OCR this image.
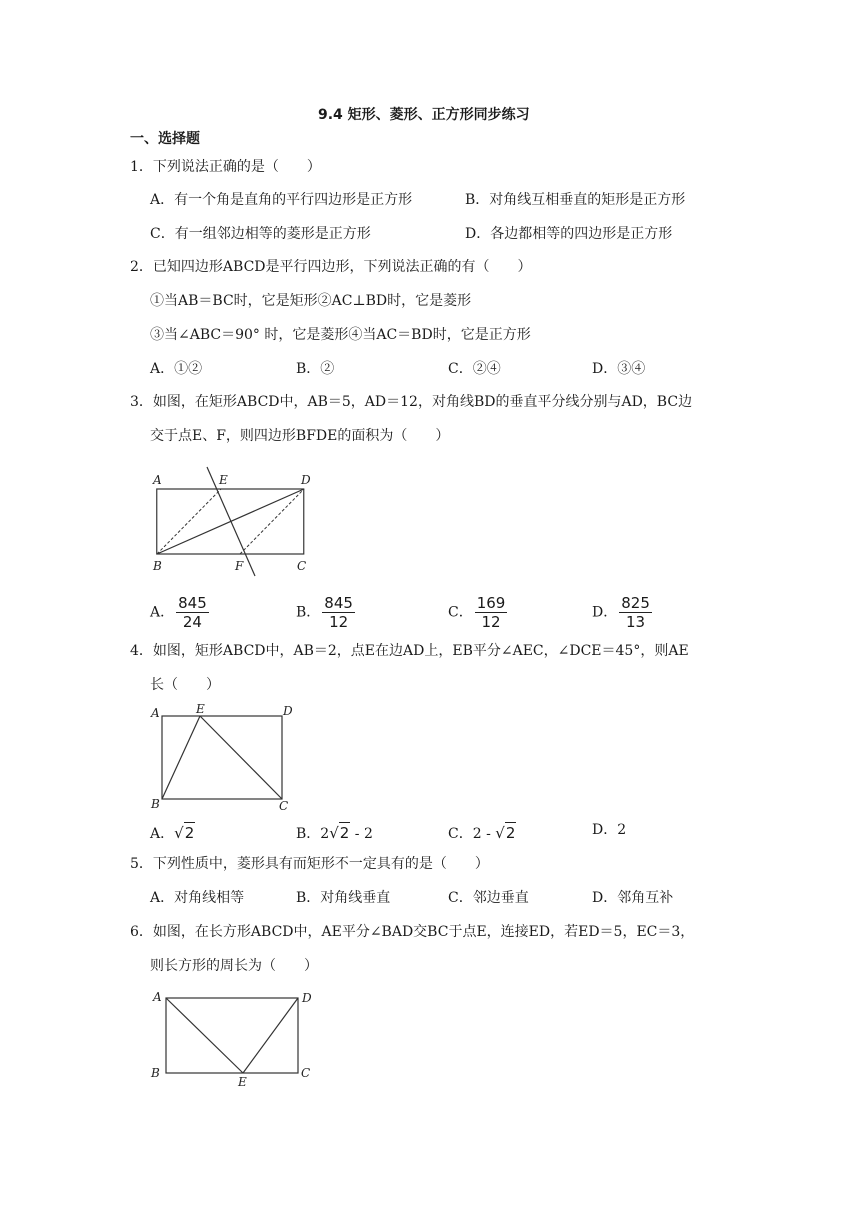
9.4 矩形、菱形、正方形同步练习
一、选择题
1．下列说法正确的是（　　）
A．有一个角是直角的平行四边形是正方形	B．对角线互相垂直的矩形是正方形
C．有一组邻边相等的菱形是正方形	D．各边都相等的四边形是正方形
2．已知四边形ABCD是平行四边形，下列说法正确的有（　　）
①当AB＝BC时，它是矩形②AC⊥BD时，它是菱形
③当∠ABC＝90° 时，它是菱形④当AC＝BD时，它是正方形
A．①②	B．②	C．②④	D．③④
3．如图，在矩形ABCD中，AB＝5，AD＝12，对角线BD的垂直平分线分别与AD，BC边
交于点E、F，则四边形BFDE的面积为（　　）
A	E	D
B	F	C
A． $\frac{845}{24}$	B． $\frac{845}{12}$	C． $\frac{169}{12}$	D． $\frac{825}{13}$
4．如图，矩形ABCD中，AB＝2，点E在边AD上，EB平分∠AEC，∠DCE＝45°，则AE
长（　　）
A	E	D
B	C
A．√ 2	B．2√ 2 - 2	C．2 - √ 2	D．2
5．下列性质中，菱形具有而矩形不一定具有的是（　　）
A．对角线相等	B．对角线垂直	C．邻边垂直	D．邻角互补
6．如图，在长方形ABCD中，AE平分∠BAD交BC于点E，连接ED，若ED＝5，EC＝3，
则长方形的周长为（　　）
A	D
B
E
C
